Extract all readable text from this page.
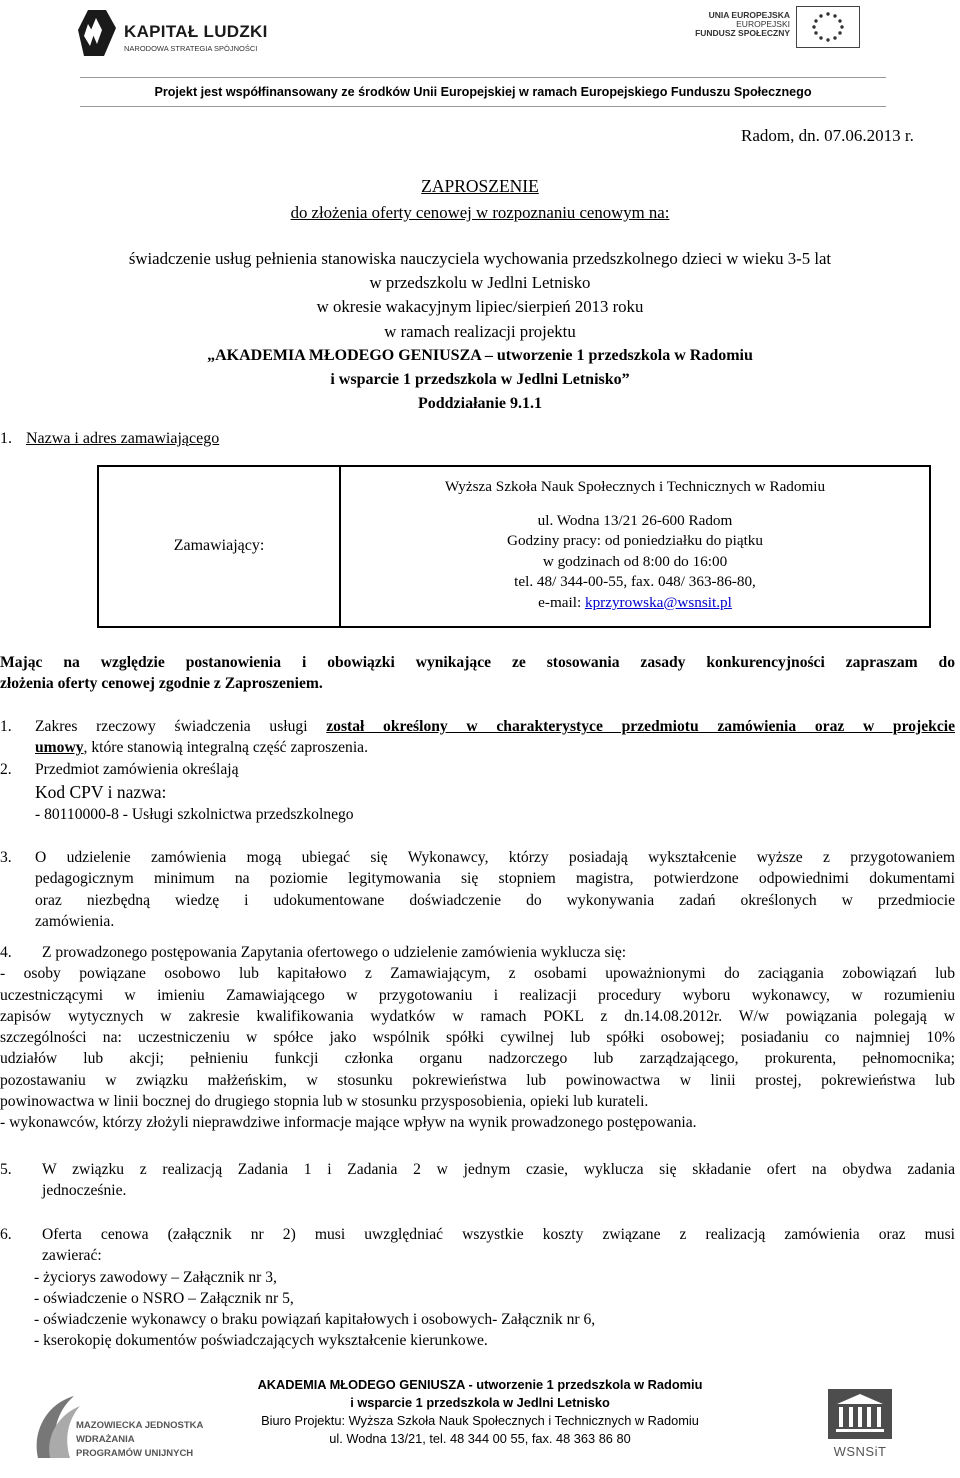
KAPITAŁ LUDZKI
NARODOWA STRATEGIA SPÓJNOŚCI
UNIA EUROPEJSKA
EUROPEJSKI
FUNDUSZ SPOŁECZNY
Projekt jest współfinansowany ze środków Unii Europejskiej w ramach Europejskiego Funduszu Społecznego
Radom, dn. 07.06.2013 r.
ZAPROSZENIE
do złożenia oferty cenowej w rozpoznaniu cenowym na:
świadczenie usług pełnienia stanowiska nauczyciela wychowania przedszkolnego dzieci w wieku 3-5 lat
w przedszkolu w Jedlni Letnisko
w okresie wakacyjnym lipiec/sierpień 2013 roku
w ramach realizacji projektu
„AKADEMIA MŁODEGO GENIUSZA – utworzenie 1 przedszkola w Radomiu
i wsparcie 1 przedszkola w Jedlni Letnisko”
Poddziałanie 9.1.1
1. Nazwa i adres zamawiającego
Zamawiający:
Wyższa Szkoła Nauk Społecznych i Technicznych w Radomiu
ul. Wodna 13/21 26-600 Radom
Godziny pracy: od poniedziałku do piątku
w godzinach od 8:00 do 16:00
tel. 48/ 344-00-55, fax. 048/ 363-86-80,
e-mail: kprzyrowska@wsnsit.pl
Mając na względzie postanowienia i obowiązki wynikające ze stosowania zasady konkurencyjności zapraszam do
złożenia oferty cenowej zgodnie z Zaproszeniem.
1. Zakres rzeczowy świadczenia usługi został określony w charakterystyce przedmiotu zamówienia oraz w projekcie
umowy, które stanowią integralną część zaproszenia.
2. Przedmiot zamówienia określają
Kod CPV i nazwa:
- 80110000-8 - Usługi szkolnictwa przedszkolnego
3. O udzielenie zamówienia mogą ubiegać się Wykonawcy, którzy posiadają wykształcenie wyższe z przygotowaniem
pedagogicznym minimum na poziomie legitymowania się stopniem magistra, potwierdzone odpowiednimi dokumentami
oraz niezbędną wiedzę i udokumentowane doświadczenie do wykonywania zadań określonych w przedmiocie
zamówienia.
4. Z prowadzonego postępowania Zapytania ofertowego o udzielenie zamówienia wyklucza się:
- osoby powiązane osobowo lub kapitałowo z Zamawiającym, z osobami upoważnionymi do zaciągania zobowiązań lub
uczestniczącymi w imieniu Zamawiającego w przygotowaniu i realizacji procedury wyboru wykonawcy, w rozumieniu
zapisów wytycznych w zakresie kwalifikowania wydatków w ramach POKL z dn.14.08.2012r. W/w powiązania polegają w
szczególności na: uczestniczeniu w spółce jako wspólnik spółki cywilnej lub spółki osobowej; posiadaniu co najmniej 10%
udziałów lub akcji; pełnieniu funkcji członka organu nadzorczego lub zarządzającego, prokurenta, pełnomocnika;
pozostawaniu w związku małżeńskim, w stosunku pokrewieństwa lub powinowactwa w linii prostej, pokrewieństwa lub
powinowactwa w linii bocznej do drugiego stopnia lub w stosunku przysposobienia, opieki lub kurateli.
- wykonawców, którzy złożyli nieprawdziwe informacje mające wpływ na wynik prowadzonego postępowania.
5. W związku z realizacją Zadania 1 i Zadania 2 w jednym czasie, wyklucza się składanie ofert na obydwa zadania
jednocześnie.
6. Oferta cenowa (załącznik nr 2) musi uwzględniać wszystkie koszty związane z realizacją zamówienia oraz musi
zawierać:
- życiorys zawodowy – Załącznik nr 3,
- oświadczenie o NSRO – Załącznik nr 5,
- oświadczenie wykonawcy o braku powiązań kapitałowych i osobowych- Załącznik nr 6,
- kserokopię dokumentów poświadczających wykształcenie kierunkowe.
MAZOWIECKA JEDNOSTKA
WDRAŻANIA
PROGRAMÓW UNIJNYCH
AKADEMIA MŁODEGO GENIUSZA - utworzenie 1 przedszkola w Radomiu
i wsparcie 1 przedszkola w Jedlni Letnisko
Biuro Projektu: Wyższa Szkoła Nauk Społecznych i Technicznych w Radomiu
ul. Wodna 13/21, tel. 48 344 00 55, fax. 48 363 86 80
WSNSiT
